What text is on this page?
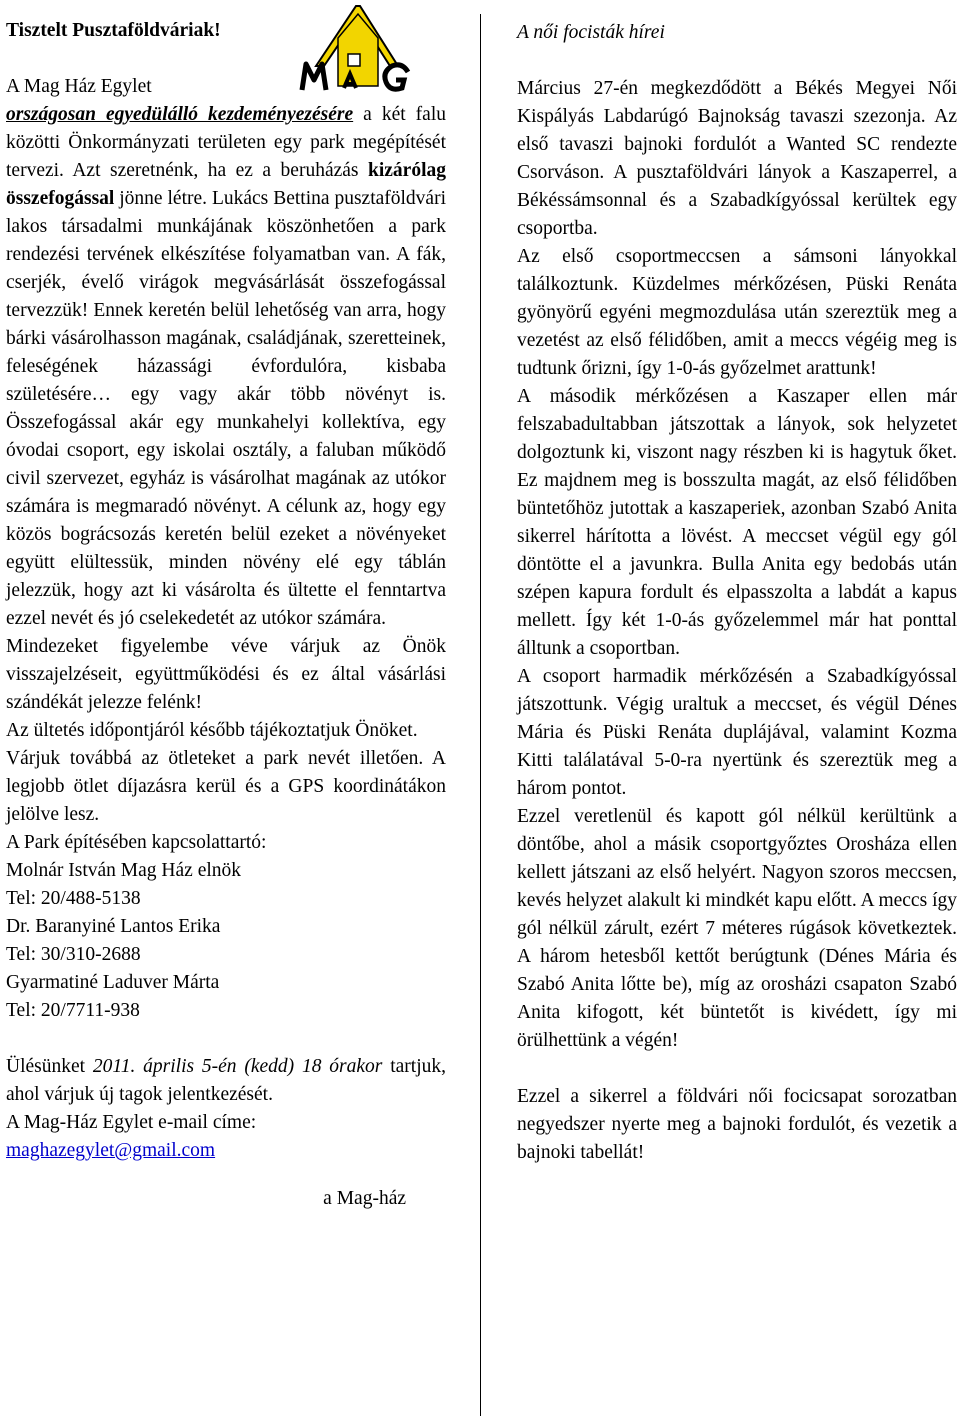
Tisztelt Pusztaföldváriak!

A Mag Ház Egylet
országosan egyedülálló kezdeményezésére a két falu közötti Önkormányzati területen egy park megépítését tervezi. Azt szeretnénk, ha ez a beruházás kizárólag összefogással jönne létre. Lukács Bettina pusztaföldvári lakos társadalmi munkájának köszönhetően a park rendezési tervének elkészítése folyamatban van. A fák, cserjék, évelő virágok megvásárlását összefogással tervezzük! Ennek keretén belül lehetőség van arra, hogy bárki vásárolhasson magának, családjának, szeretteinek, feleségének házassági évfordulóra, kisbaba születésére… egy vagy akár több növényt is. Összefogással akár egy munkahelyi kollektíva, egy óvodai csoport, egy iskolai osztály, a faluban működő civil szervezet, egyház is vásárolhat magának az utókor számára is megmaradó növényt. A célunk az, hogy egy közös bográcsozás keretén belül ezeket a növényeket együtt elültessük, minden növény elé egy táblán jelezzük, hogy azt ki vásárolta és ültette el fenntartva ezzel nevét és jó cselekedetét az utókor számára.

Mindezeket figyelembe véve várjuk az Önök visszajelzéseit, együttműködési és ez által vásárlási szándékát jelezze felénk!

Az ültetés időpontjáról később tájékoztatjuk Önöket.

Várjuk továbbá az ötleteket a park nevét illetően. A legjobb ötlet díjazásra kerül és a GPS koordinátákon jelölve lesz.

A Park építésében kapcsolattartó:

Molnár István Mag Ház elnök

Tel: 20/488-5138

Dr. Baranyiné Lantos Erika

Tel: 30/310-2688

Gyarmatiné Laduver Márta

Tel: 20/7711-938

Ülésünket 2011. április 5-én (kedd) 18 órakor tartjuk, ahol várjuk új tagok jelentkezését.

A Mag-Ház Egylet e-mail címe:

maghazegylet@gmail.com

a Mag-ház

A női focisták hírei

Március 27-én megkezdődött a Békés Megyei Női Kispályás Labdarúgó Bajnokság tavaszi szezonja. Az első tavaszi bajnoki fordulót a Wanted SC rendezte Csorváson. A pusztaföldvári lányok a Kaszaperrel, a Békéssámsonnal és a Szabadkígyóssal kerültek egy csoportba.

Az első csoportmeccsen a sámsoni lányokkal találkoztunk. Küzdelmes mérkőzésen, Püski Renáta gyönyörű egyéni megmozdulása után szereztük meg a vezetést az első félidőben, amit a meccs végéig meg is tudtunk őrizni, így 1-0-ás győzelmet arattunk!

A második mérkőzésen a Kaszaper ellen már felszabadultabban játszottak a lányok, sok helyzetet dolgoztunk ki, viszont nagy részben ki is hagytuk őket. Ez majdnem meg is bosszulta magát, az első félidőben büntetőhöz jutottak a kaszaperiek, azonban Szabó Anita sikerrel hárította a lövést. A meccset végül egy gól döntötte el a javunkra. Bulla Anita egy bedobás után szépen kapura fordult és elpasszolta a labdát a kapus mellett. Így két 1-0-ás győzelemmel már hat ponttal álltunk a csoportban.

A csoport harmadik mérkőzésén a Szabadkígyóssal játszottunk. Végig uraltuk a meccset, és végül Dénes Mária és Püski Renáta duplájával, valamint Kozma Kitti találatával 5-0-ra nyertünk és szereztük meg a három pontot.

Ezzel veretlenül és kapott gól nélkül kerültünk a döntőbe, ahol a másik csoportgyőztes Orosháza ellen kellett játszani az első helyért. Nagyon szoros meccsen, kevés helyzet alakult ki mindkét kapu előtt. A meccs így gól nélkül zárult, ezért 7 méteres rúgások következtek. A három hetesből kettőt berúgtunk (Dénes Mária és Szabó Anita lőtte be), míg az orosházi csapaton Szabó Anita kifogott, két büntetőt is kivédett, így mi örülhettünk a végén!

Ezzel a sikerrel a földvári női focicsapat sorozatban negyedszer nyerte meg a bajnoki fordulót, és vezetik a bajnoki tabellát!
